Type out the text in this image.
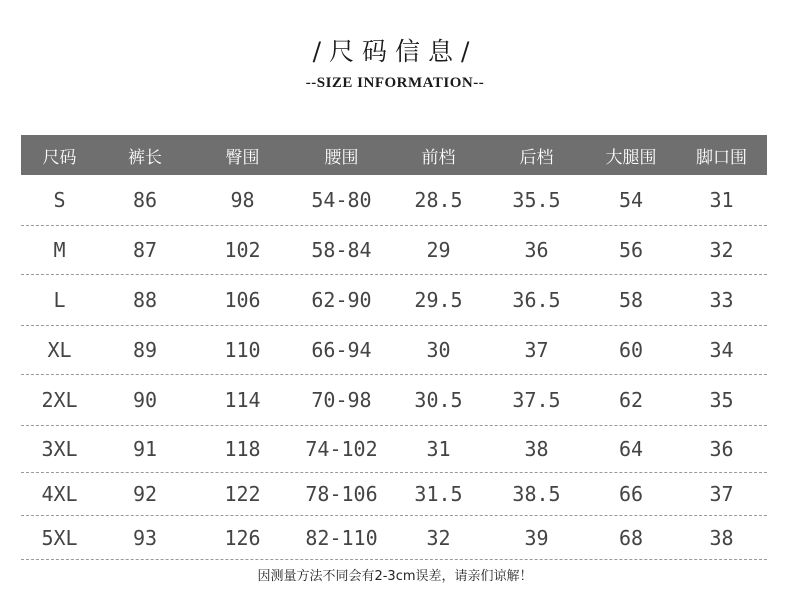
/尺码信息/
--SIZE INFORMATION--
尺码	裤长	臀围	腰围	前档	后档	大腿围	脚口围
S	86	98	54-80	28.5	35.5	54	31
M	87	102	58-84	29	36	56	32
L	88	106	62-90	29.5	36.5	58	33
XL	89	110	66-94	30	37	60	34
2XL	90	114	70-98	30.5	37.5	62	35
3XL	91	118	74-102	31	38	64	36
4XL	92	122	78-106	31.5	38.5	66	37
5XL	93	126	82-110	32	39	68	38
因测量方法不同会有2-3cm误差，请亲们谅解！
